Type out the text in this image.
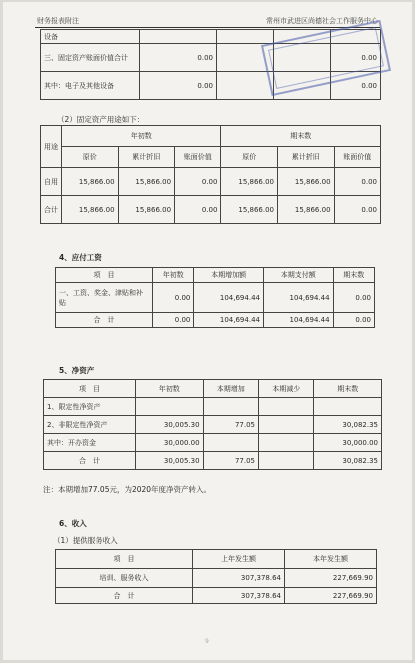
财务报表附注	常州市武进区尚德社会工作服务中心
设备				
三、固定资产账面价值合计	0.00			0.00
其中：电子及其他设备	0.00			0.00
（2）固定资产用途如下：
用途	年初数			期末数		
	原价	累计折旧	账面价值	原价	累计折旧	账面价值
自用	15,866.00	15,866.00	0.00	15,866.00	15,866.00	0.00
合计	15,866.00	15,866.00	0.00	15,866.00	15,866.00	0.00
4、应付工资
项　目	年初数	本期增加额	本期支付额	期末数
一、工资、奖金、津贴和补贴	0.00	104,694.44	104,694.44	0.00
合　计	0.00	104,694.44	104,694.44	0.00
5、净资产
项　目	年初数	本期增加	本期减少	期末数
1、限定性净资产				
2、非限定性净资产	30,005.30	77.05		30,082.35
其中：开办资金	30,000.00			30,000.00
合　计	30,005.30	77.05		30,082.35
注：本期增加77.05元，为2020年度净资产转入。
6、收入
（1）提供服务收入
项　目	上年发生额	本年发生额
培训、服务收入	307,378.64	227,669.90
合　计	307,378.64	227,669.90
9
